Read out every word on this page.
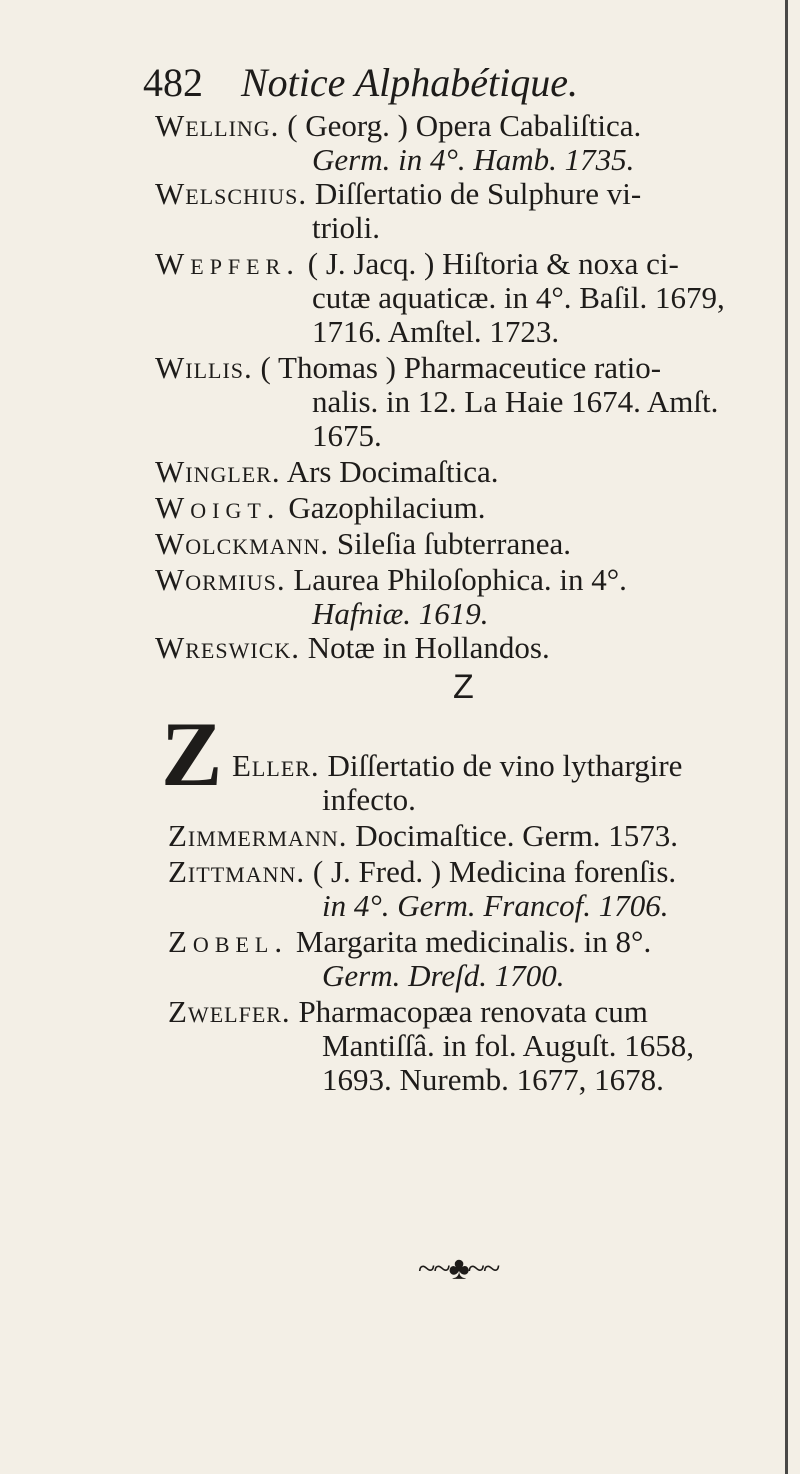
482 Notice Alphabétique.
Welling. ( Georg. ) Opera Cabaliſtica.
Germ. in 4°. Hamb. 1735.
Welschius. Diſſertatio de Sulphure vi-
trioli.
Wepfer. ( J. Jacq. ) Hiſtoria & noxa ci-
cutæ aquaticæ. in 4°. Baſil. 1679,
1716. Amſtel. 1723.
Willis. ( Thomas ) Pharmaceutice ratio-
nalis. in 12. La Haie 1674. Amſt.
1675.
Wingler. Ars Docimaſtica.
Woigt. Gazophilacium.
Wolckmann. Sileſia ſubterranea.
Wormius. Laurea Philoſophica. in 4°.
Hafniæ. 1619.
Wreswick. Notæ in Hollandos.
Z
Z Eller. Diſſertatio de vino lythargire
infecto.
Zimmermann. Docimaſtice. Germ. 1573.
Zittmann. ( J. Fred. ) Medicina forenſis.
in 4°. Germ. Francof. 1706.
Zobel. Margarita medicinalis. in 8°.
Germ. Dreſd. 1700.
Zwelfer. Pharmacopæa renovata cum
Mantiſſâ. in fol. Auguſt. 1658,
1693. Nuremb. 1677, 1678.
~~♣~~
